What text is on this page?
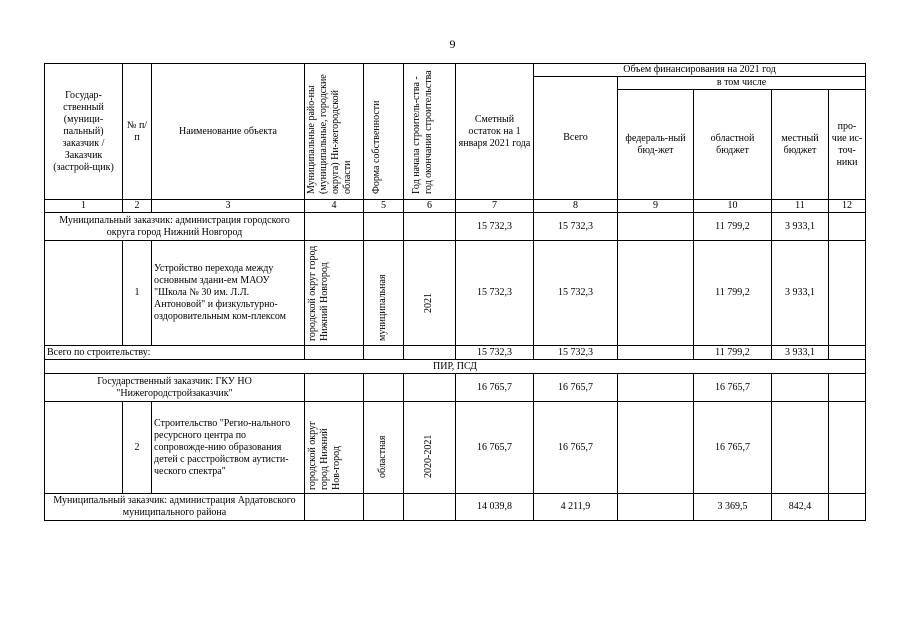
9
Государ-ственный (муници-пальный) заказчик / Заказчик (застрой-щик)	№ п/п	Наименование объекта	Муниципальные райо-ны (муниципальные, городские округа) Ни-жегородской области	Форма собственности	Год начала строитель-ства - год окончания строительства	Сметный остаток на 1 января 2021 года	Объем финансирования на 2021 год				
							Всего	в том числе			
								федераль-ный бюд-жет	областной бюджет	местный бюджет	про-чие ис-точ-ники
1	2	3	4	5	6	7	8	9	10	11	12
Муниципальный заказчик: администрация городского округа город Нижний Новгород						15 732,3	15 732,3		11 799,2	3 933,1	
	1	Устройство перехода между основным здани-ем МАОУ "Школа № 30 им. Л.Л. Антоновой" и физкультурно-оздоровительным ком-плексом	городской округ город Нижний Новгород	муниципальная	2021	15 732,3	15 732,3		11 799,2	3 933,1	
Всего по строительству:						15 732,3	15 732,3		11 799,2	3 933,1	
ПИР, ПСД											
Государственный заказчик: ГКУ НО "Нижегородстройзаказчик"						16 765,7	16 765,7		16 765,7		
	2	Строительство "Регио-нального ресурсного центра по сопровожде-нию образования детей с расстройством аутисти-ческого спектра"	городской округ город Нижний Нов-город	областная	2020-2021	16 765,7	16 765,7		16 765,7		
Муниципальный заказчик: администрация Ардатовского муниципального района						14 039,8	4 211,9		3 369,5	842,4	
